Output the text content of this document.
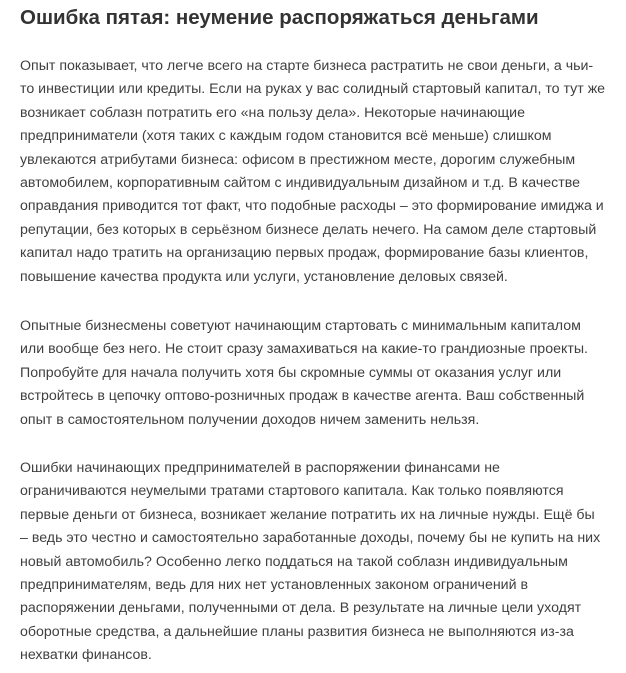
Ошибка пятая: неумение распоряжаться деньгами
Опыт показывает, что легче всего на старте бизнеса растратить не свои деньги, а чьи-
то инвестиции или кредиты. Если на руках у вас солидный стартовый капитал, то тут же
возникает соблазн потратить его «на пользу дела». Некоторые начинающие
предприниматели (хотя таких с каждым годом становится всё меньше) слишком
увлекаются атрибутами бизнеса: офисом в престижном месте, дорогим служебным
автомобилем, корпоративным сайтом с индивидуальным дизайном и т.д. В качестве
оправдания приводится тот факт, что подобные расходы – это формирование имиджа и
репутации, без которых в серьёзном бизнесе делать нечего. На самом деле стартовый
капитал надо тратить на организацию первых продаж, формирование базы клиентов,
повышение качества продукта или услуги, установление деловых связей.
Опытные бизнесмены советуют начинающим стартовать с минимальным капиталом
или вообще без него. Не стоит сразу замахиваться на какие-то грандиозные проекты.
Попробуйте для начала получить хотя бы скромные суммы от оказания услуг или
встройтесь в цепочку оптово-розничных продаж в качестве агента. Ваш собственный
опыт в самостоятельном получении доходов ничем заменить нельзя.
Ошибки начинающих предпринимателей в распоряжении финансами не
ограничиваются неумелыми тратами стартового капитала. Как только появляются
первые деньги от бизнеса, возникает желание потратить их на личные нужды. Ещё бы
– ведь это честно и самостоятельно заработанные доходы, почему бы не купить на них
новый автомобиль? Особенно легко поддаться на такой соблазн индивидуальным
предпринимателям, ведь для них нет установленных законом ограничений в
распоряжении деньгами, полученными от дела. В результате на личные цели уходят
оборотные средства, а дальнейшие планы развития бизнеса не выполняются из-за
нехватки финансов.
